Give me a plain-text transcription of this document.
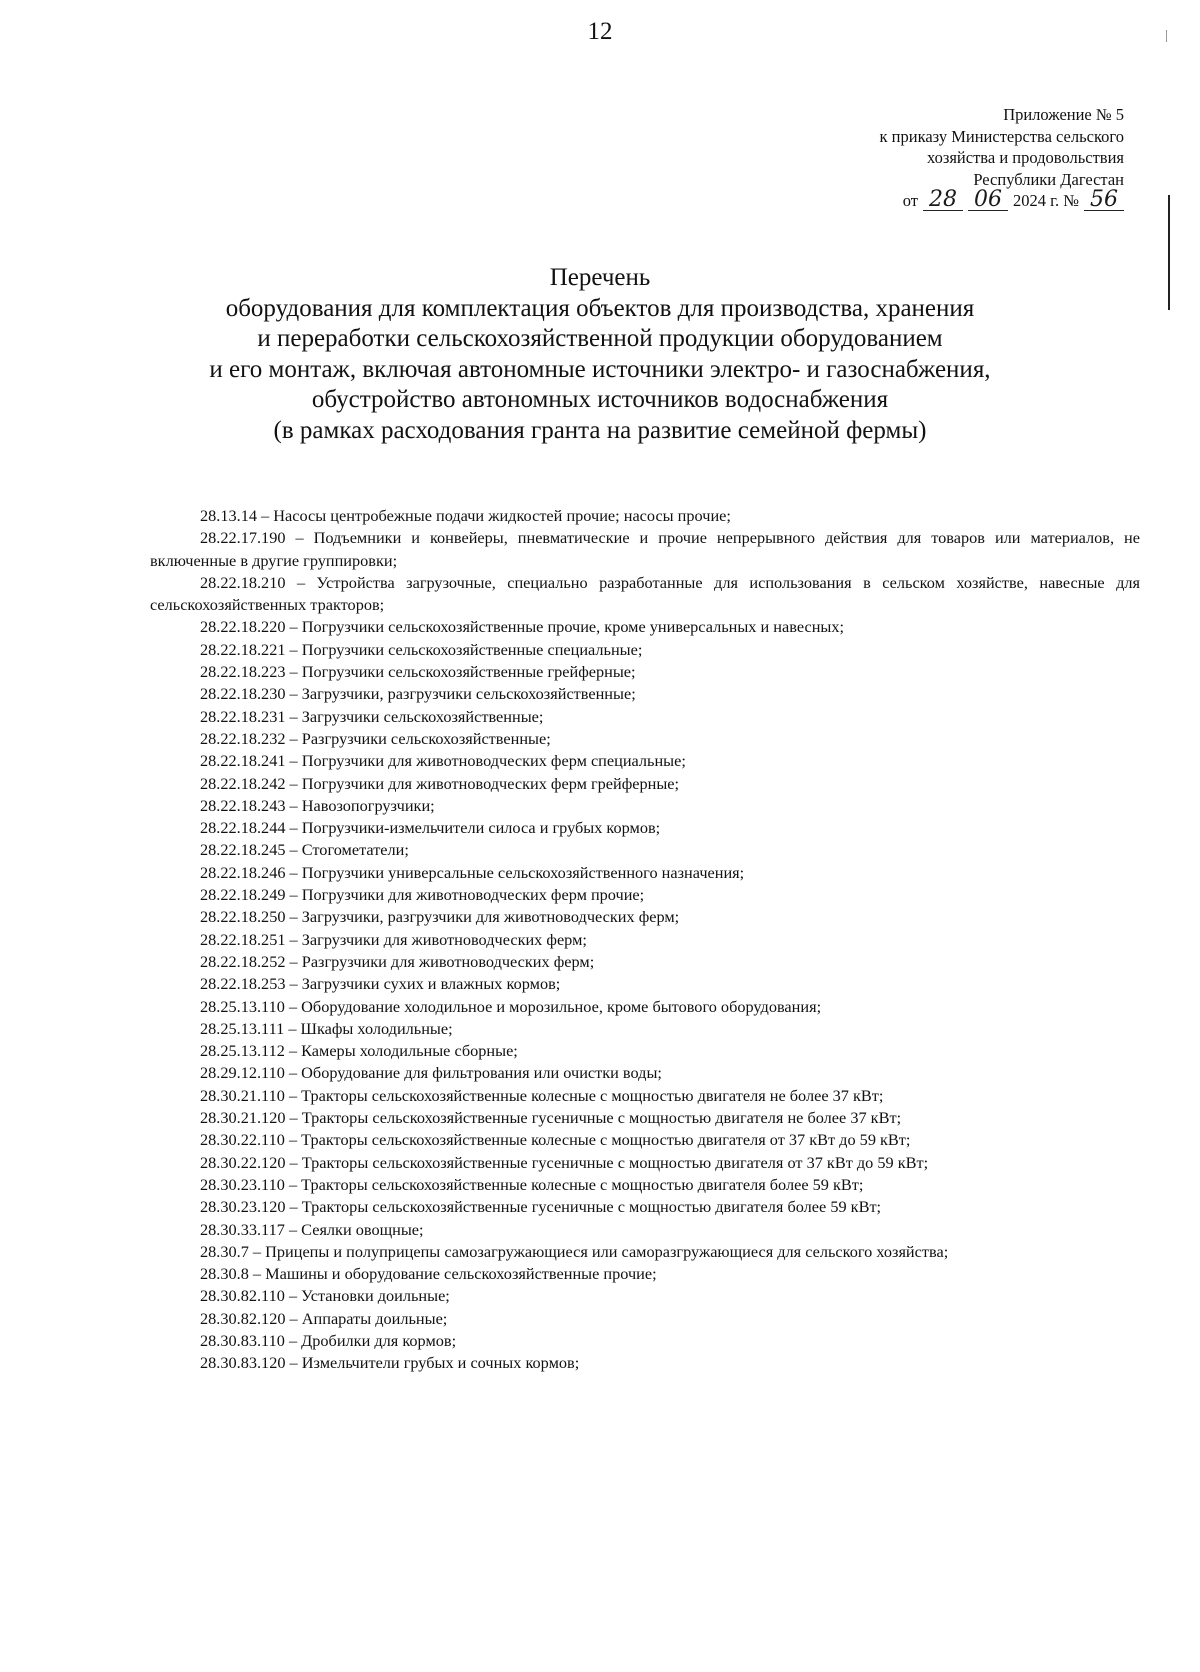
12
Приложение № 5
к приказу Министерства сельского
хозяйства и продовольствия
Республики Дагестан
от 28 06 2024 г. № 56
Перечень
оборудования для комплектация объектов для производства, хранения
и переработки сельскохозяйственной продукции оборудованием
и его монтаж, включая автономные источники электро- и газоснабжения,
обустройство автономных источников водоснабжения
(в рамках расходования гранта на развитие семейной фермы)
28.13.14 – Насосы центробежные подачи жидкостей прочие; насосы прочие;
28.22.17.190 – Подъемники и конвейеры, пневматические и прочие непрерывного действия для товаров или материалов, не включенные в другие группировки;
28.22.18.210 – Устройства загрузочные, специально разработанные для использования в сельском хозяйстве, навесные для сельскохозяйственных тракторов;
28.22.18.220 – Погрузчики сельскохозяйственные прочие, кроме универсальных и навесных;
28.22.18.221 – Погрузчики сельскохозяйственные специальные;
28.22.18.223 – Погрузчики сельскохозяйственные грейферные;
28.22.18.230 – Загрузчики, разгрузчики сельскохозяйственные;
28.22.18.231 – Загрузчики сельскохозяйственные;
28.22.18.232 – Разгрузчики сельскохозяйственные;
28.22.18.241 – Погрузчики для животноводческих ферм специальные;
28.22.18.242 – Погрузчики для животноводческих ферм грейферные;
28.22.18.243 – Навозопогрузчики;
28.22.18.244 – Погрузчики-измельчители силоса и грубых кормов;
28.22.18.245 – Стогометатели;
28.22.18.246 – Погрузчики универсальные сельскохозяйственного назначения;
28.22.18.249 – Погрузчики для животноводческих ферм прочие;
28.22.18.250 – Загрузчики, разгрузчики для животноводческих ферм;
28.22.18.251 – Загрузчики для животноводческих ферм;
28.22.18.252 – Разгрузчики для животноводческих ферм;
28.22.18.253 – Загрузчики сухих и влажных кормов;
28.25.13.110 – Оборудование холодильное и морозильное, кроме бытового оборудования;
28.25.13.111 – Шкафы холодильные;
28.25.13.112 – Камеры холодильные сборные;
28.29.12.110 – Оборудование для фильтрования или очистки воды;
28.30.21.110 – Тракторы сельскохозяйственные колесные с мощностью двигателя не более 37 кВт;
28.30.21.120 – Тракторы сельскохозяйственные гусеничные с мощностью двигателя не более 37 кВт;
28.30.22.110 – Тракторы сельскохозяйственные колесные с мощностью двигателя от 37 кВт до 59 кВт;
28.30.22.120 – Тракторы сельскохозяйственные гусеничные с мощностью двигателя от 37 кВт до 59 кВт;
28.30.23.110 – Тракторы сельскохозяйственные колесные с мощностью двигателя более 59 кВт;
28.30.23.120 – Тракторы сельскохозяйственные гусеничные с мощностью двигателя более 59 кВт;
28.30.33.117 – Сеялки овощные;
28.30.7 – Прицепы и полуприцепы самозагружающиеся или саморазгружающиеся для сельского хозяйства;
28.30.8 – Машины и оборудование сельскохозяйственные прочие;
28.30.82.110 – Установки доильные;
28.30.82.120 – Аппараты доильные;
28.30.83.110 – Дробилки для кормов;
28.30.83.120 – Измельчители грубых и сочных кормов;
